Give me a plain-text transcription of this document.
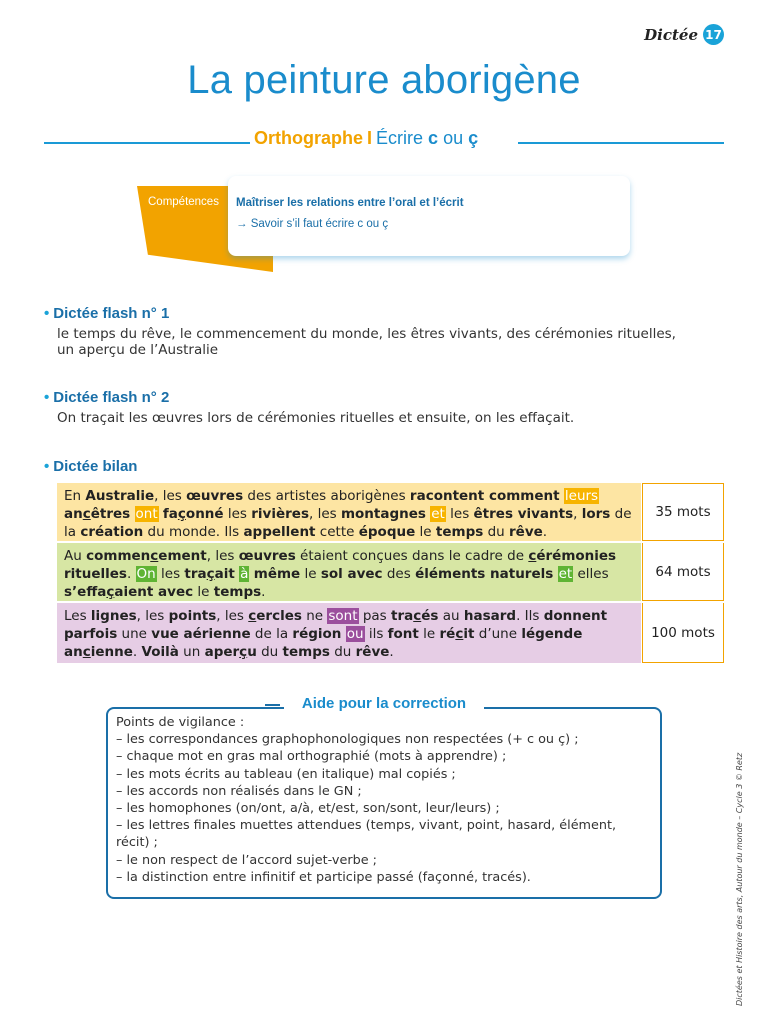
Dictée 17
La peinture aborigène
Orthographe I Écrire c ou ç
Compétences Maîtriser les relations entre l’oral et l’écrit
→ Savoir s’il faut écrire c ou ç
• Dictée flash n° 1
le temps du rêve, le commencement du monde, les êtres vivants, des cérémonies rituelles, un aperçu de l’Australie
• Dictée flash n° 2
On traçait les œuvres lors de cérémonies rituelles et ensuite, on les effaçait.
• Dictée bilan
En Australie, les œuvres des artistes aborigènes racontent comment leurs ancêtres ont façonné les rivières, les montagnes et les êtres vivants, lors de la création du monde. Ils appellent cette époque le temps du rêve.
35 mots
Au commencement, les œuvres étaient conçues dans le cadre de cérémonies rituelles. On les traçait à même le sol avec des éléments naturels et elles s’effaçaient avec le temps.
64 mots
Les lignes, les points, les cercles ne sont pas tracés au hasard. Ils donnent parfois une vue aérienne de la région ou ils font le récit d’une légende ancienne. Voilà un aperçu du temps du rêve.
100 mots
Aide pour la correction
Points de vigilance :
– les correspondances graphophonologiques non respectées (+ c ou ç) ;
– chaque mot en gras mal orthographié (mots à apprendre) ;
– les mots écrits au tableau (en italique) mal copiés ;
– les accords non réalisés dans le GN ;
– les homophones (on/ont, a/à, et/est, son/sont, leur/leurs) ;
– les lettres finales muettes attendues (temps, vivant, point, hasard, élément, récit) ;
– le non respect de l’accord sujet-verbe ;
– la distinction entre infinitif et participe passé (façonné, tracés).	Dictées et Histoire des arts, Autour du monde – Cycle 3 © Retz
